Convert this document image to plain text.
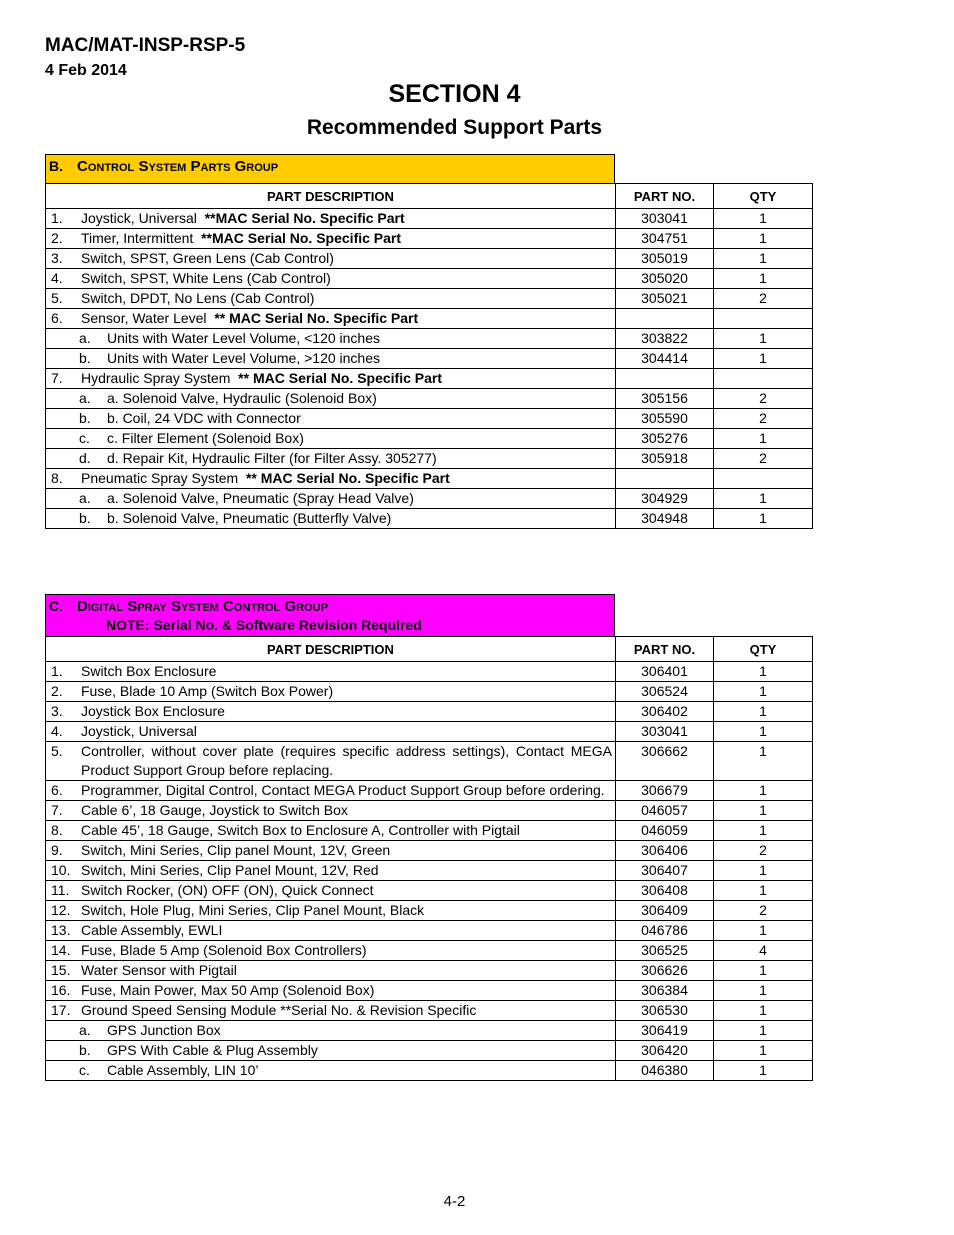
MAC/MAT-INSP-RSP-5
4 Feb 2014
SECTION 4
Recommended Support Parts
B. Control System Parts Group
PART DESCRIPTION	PART NO.	QTY

1. Joystick, Universal **MAC Serial No. Specific Part	303041	1

2. Timer, Intermittent **MAC Serial No. Specific Part	304751	1

3. Switch, SPST, Green Lens (Cab Control)	305019	1

4. Switch, SPST, White Lens (Cab Control)	305020	1

5. Switch, DPDT, No Lens (Cab Control)	305021	2

6. Sensor, Water Level ** MAC Serial No. Specific Part		

a. Units with Water Level Volume, <120 inches	303822	1

b. Units with Water Level Volume, >120 inches	304414	1

7. Hydraulic Spray System ** MAC Serial No. Specific Part		

a. a. Solenoid Valve, Hydraulic (Solenoid Box)	305156	2

b. b. Coil, 24 VDC with Connector	305590	2

c. c. Filter Element (Solenoid Box)	305276	1

d. d. Repair Kit, Hydraulic Filter (for Filter Assy. 305277)	305918	2

8. Pneumatic Spray System ** MAC Serial No. Specific Part		

a. a. Solenoid Valve, Pneumatic (Spray Head Valve)	304929	1

b. b. Solenoid Valve, Pneumatic (Butterfly Valve)	304948	1
C. Digital Spray System Control Group
NOTE: Serial No. & Software Revision Required
PART DESCRIPTION	PART NO.	QTY

1. Switch Box Enclosure	306401	1

2. Fuse, Blade 10 Amp (Switch Box Power)	306524	1

3. Joystick Box Enclosure	306402	1

4. Joystick, Universal	303041	1

5. Controller, without cover plate (requires specific address settings), Contact MEGA Product Support Group before replacing.	306662	1

6. Programmer, Digital Control, Contact MEGA Product Support Group before ordering.	306679	1

7. Cable 6’, 18 Gauge, Joystick to Switch Box	046057	1

8. Cable 45’, 18 Gauge, Switch Box to Enclosure A, Controller with Pigtail	046059	1

9. Switch, Mini Series, Clip panel Mount, 12V, Green	306406	2

10. Switch, Mini Series, Clip Panel Mount, 12V, Red	306407	1

11. Switch Rocker, (ON) OFF (ON), Quick Connect	306408	1

12. Switch, Hole Plug, Mini Series, Clip Panel Mount, Black	306409	2

13. Cable Assembly, EWLI	046786	1

14. Fuse, Blade 5 Amp (Solenoid Box Controllers)	306525	4

15. Water Sensor with Pigtail	306626	1

16. Fuse, Main Power, Max 50 Amp (Solenoid Box)	306384	1

17. Ground Speed Sensing Module **Serial No. & Revision Specific	306530	1

a. GPS Junction Box	306419	1

b. GPS With Cable & Plug Assembly	306420	1

c. Cable Assembly, LIN 10’	046380	1
4-2
